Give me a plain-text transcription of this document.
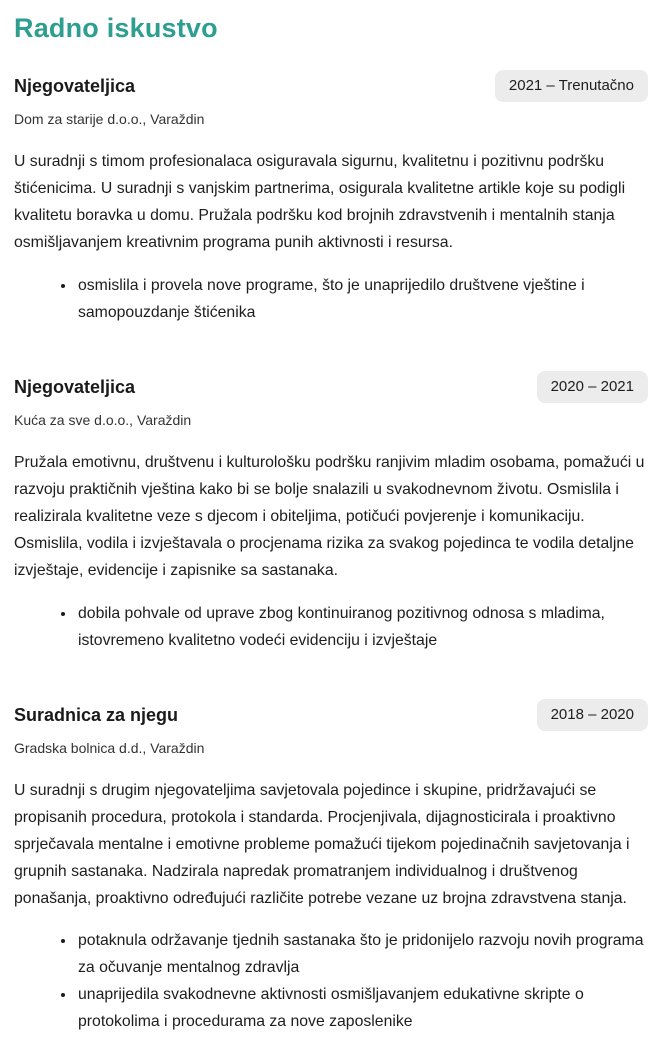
Radno iskustvo
Njegovateljica	2021 – Trenutačno
Dom za starije d.o.o., Varaždin

U suradnji s timom profesionalaca osiguravala sigurnu, kvalitetnu i pozitivnu podršku štićenicima. U suradnji s vanjskim partnerima, osigurala kvalitetne artikle koje su podigli kvalitetu boravka u domu. Pružala podršku kod brojnih zdravstvenih i mentalnih stanja osmišljavanjem kreativnim programa punih aktivnosti i resursa.

• osmislila i provela nove programe, što je unaprijedilo društvene vještine i samopouzdanje štićenika
Njegovateljica	2020 – 2021
Kuća za sve d.o.o., Varaždin

Pružala emotivnu, društvenu i kulturološku podršku ranjivim mladim osobama, pomažući u razvoju praktičnih vještina kako bi se bolje snalazili u svakodnevnom životu. Osmislila i realizirala kvalitetne veze s djecom i obiteljima, potičući povjerenje i komunikaciju. Osmislila, vodila i izvještavala o procjenama rizika za svakog pojedinca te vodila detaljne izvještaje, evidencije i zapisnike sa sastanaka.

• dobila pohvale od uprave zbog kontinuiranog pozitivnog odnosa s mladima, istovremeno kvalitetno vodeći evidenciju i izvještaje
Suradnica za njegu	2018 – 2020
Gradska bolnica d.d., Varaždin

U suradnji s drugim njegovateljima savjetovala pojedince i skupine, pridržavajući se propisanih procedura, protokola i standarda. Procjenjivala, dijagnosticirala i proaktivno sprječavala mentalne i emotivne probleme pomažući tijekom pojedinačnih savjetovanja i grupnih sastanaka. Nadzirala napredak promatranjem individualnog i društvenog ponašanja, proaktivno određujući različite potrebe vezane uz brojna zdravstvena stanja.

• potaknula održavanje tjednih sastanaka što je pridonijelo razvoju novih programa za očuvanje mentalnog zdravlja
• unaprijedila svakodnevne aktivnosti osmišljavanjem edukativne skripte o protokolima i procedurama za nove zaposlenike
